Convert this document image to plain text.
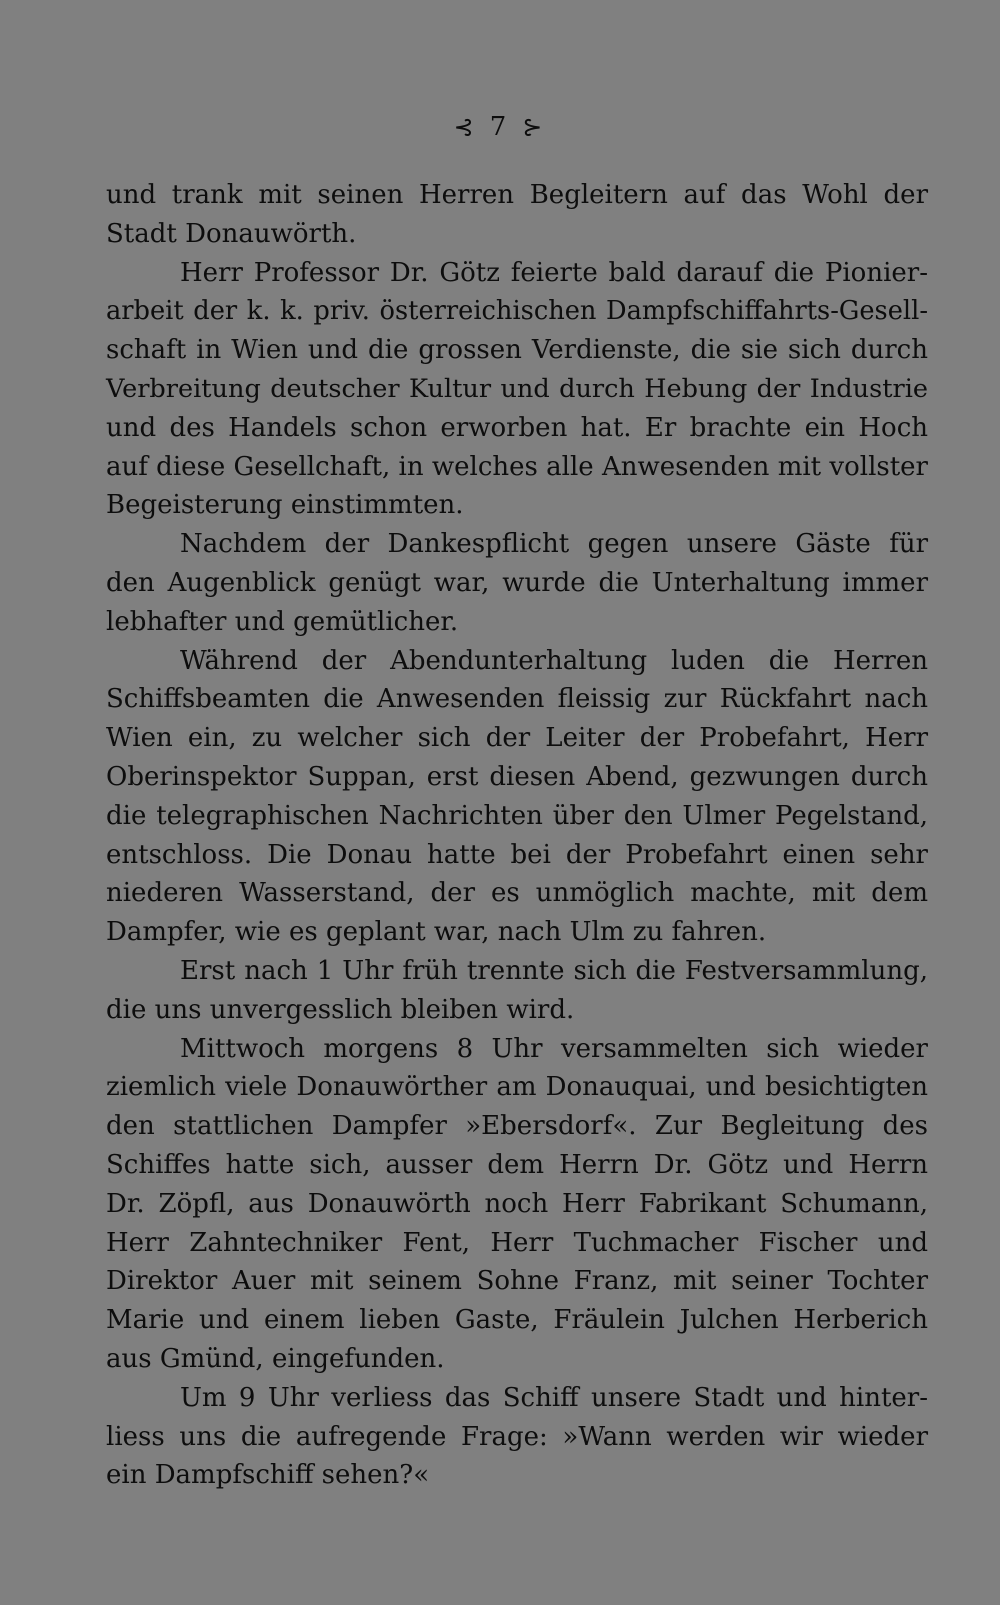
⊰ 7 ⊱
und trank mit seinen Herren Begleitern auf das Wohl der
Stadt Donauwörth.
Herr Professor Dr. Götz feierte bald darauf die Pionier-
arbeit der k. k. priv. österreichischen Dampfschiffahrts-Gesell-
schaft in Wien und die grossen Verdienste, die sie sich durch
Verbreitung deutscher Kultur und durch Hebung der Industrie
und des Handels schon erworben hat. Er brachte ein Hoch
auf diese Gesellchaft, in welches alle Anwesenden mit vollster
Begeisterung einstimmten.
Nachdem der Dankespflicht gegen unsere Gäste für
den Augenblick genügt war, wurde die Unterhaltung immer
lebhafter und gemütlicher.
Während der Abendunterhaltung luden die Herren
Schiffsbeamten die Anwesenden fleissig zur Rückfahrt nach
Wien ein, zu welcher sich der Leiter der Probefahrt, Herr
Oberinspektor Suppan, erst diesen Abend, gezwungen durch
die telegraphischen Nachrichten über den Ulmer Pegelstand,
entschloss. Die Donau hatte bei der Probefahrt einen sehr
niederen Wasserstand, der es unmöglich machte, mit dem
Dampfer, wie es geplant war, nach Ulm zu fahren.
Erst nach 1 Uhr früh trennte sich die Festversammlung,
die uns unvergesslich bleiben wird.
Mittwoch morgens 8 Uhr versammelten sich wieder
ziemlich viele Donauwörther am Donauquai, und besichtigten
den stattlichen Dampfer »Ebersdorf«. Zur Begleitung des
Schiffes hatte sich, ausser dem Herrn Dr. Götz und Herrn
Dr. Zöpfl, aus Donauwörth noch Herr Fabrikant Schumann,
Herr Zahntechniker Fent, Herr Tuchmacher Fischer und
Direktor Auer mit seinem Sohne Franz, mit seiner Tochter
Marie und einem lieben Gaste, Fräulein Julchen Herberich
aus Gmünd, eingefunden.
Um 9 Uhr verliess das Schiff unsere Stadt und hinter-
liess uns die aufregende Frage: »Wann werden wir wieder
ein Dampfschiff sehen?«
